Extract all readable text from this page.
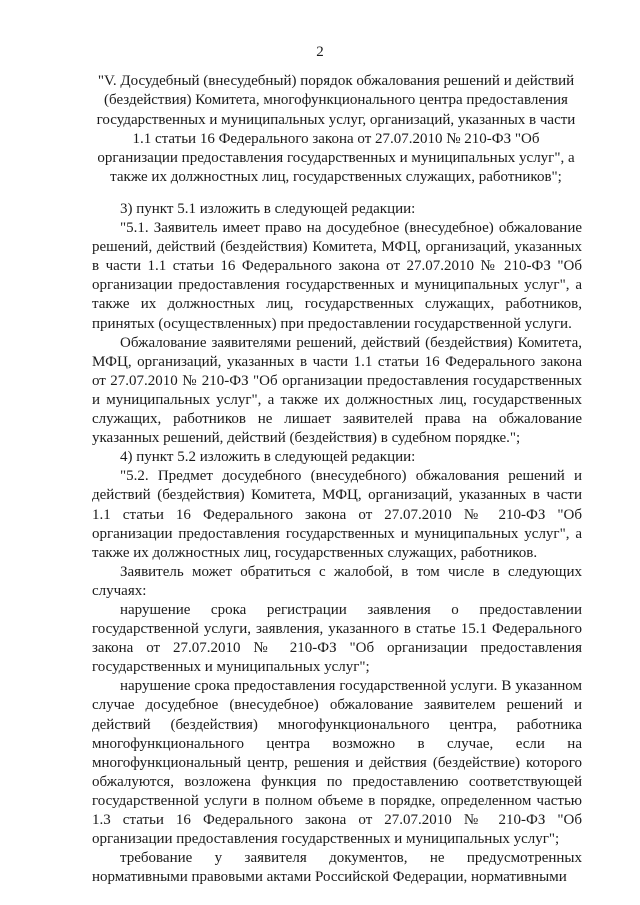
2
"V. Досудебный (внесудебный) порядок обжалования решений и действий (бездействия) Комитета, многофункционального центра предоставления государственных и муниципальных услуг, организаций, указанных в части 1.1 статьи 16 Федерального закона от 27.07.2010 № 210-ФЗ "Об организации предоставления государственных и муниципальных услуг", а также их должностных лиц, государственных служащих, работников";

3) пункт 5.1 изложить в следующей редакции:

"5.1. Заявитель имеет право на досудебное (внесудебное) обжалование решений, действий (бездействия) Комитета, МФЦ, организаций, указанных в части 1.1 статьи 16 Федерального закона от 27.07.2010 № 210-ФЗ "Об организации предоставления государственных и муниципальных услуг", а также их должностных лиц, государственных служащих, работников, принятых (осуществленных) при предоставлении государственной услуги.

Обжалование заявителями решений, действий (бездействия) Комитета, МФЦ, организаций, указанных в части 1.1 статьи 16 Федерального закона от 27.07.2010 № 210-ФЗ "Об организации предоставления государственных и муниципальных услуг", а также их должностных лиц, государственных служащих, работников не лишает заявителей права на обжалование указанных решений, действий (бездействия) в судебном порядке.";

4) пункт 5.2 изложить в следующей редакции:

"5.2. Предмет досудебного (внесудебного) обжалования решений и действий (бездействия) Комитета, МФЦ, организаций, указанных в части 1.1 статьи 16 Федерального закона от 27.07.2010 № 210-ФЗ "Об организации предоставления государственных и муниципальных услуг", а также их должностных лиц, государственных служащих, работников.

Заявитель может обратиться с жалобой, в том числе в следующих случаях:

нарушение срока регистрации заявления о предоставлении государственной услуги, заявления, указанного в статье 15.1 Федерального закона от 27.07.2010 № 210-ФЗ "Об организации предоставления государственных и муниципальных услуг";

нарушение срока предоставления государственной услуги. В указанном случае досудебное (внесудебное) обжалование заявителем решений и действий (бездействия) многофункционального центра, работника многофункционального центра возможно в случае, если на многофункциональный центр, решения и действия (бездействие) которого обжалуются, возложена функция по предоставлению соответствующей государственной услуги в полном объеме в порядке, определенном частью 1.3 статьи 16 Федерального закона от 27.07.2010 № 210-ФЗ "Об организации предоставления государственных и муниципальных услуг";

требование у заявителя документов, не предусмотренных нормативными правовыми актами Российской Федерации, нормативными
